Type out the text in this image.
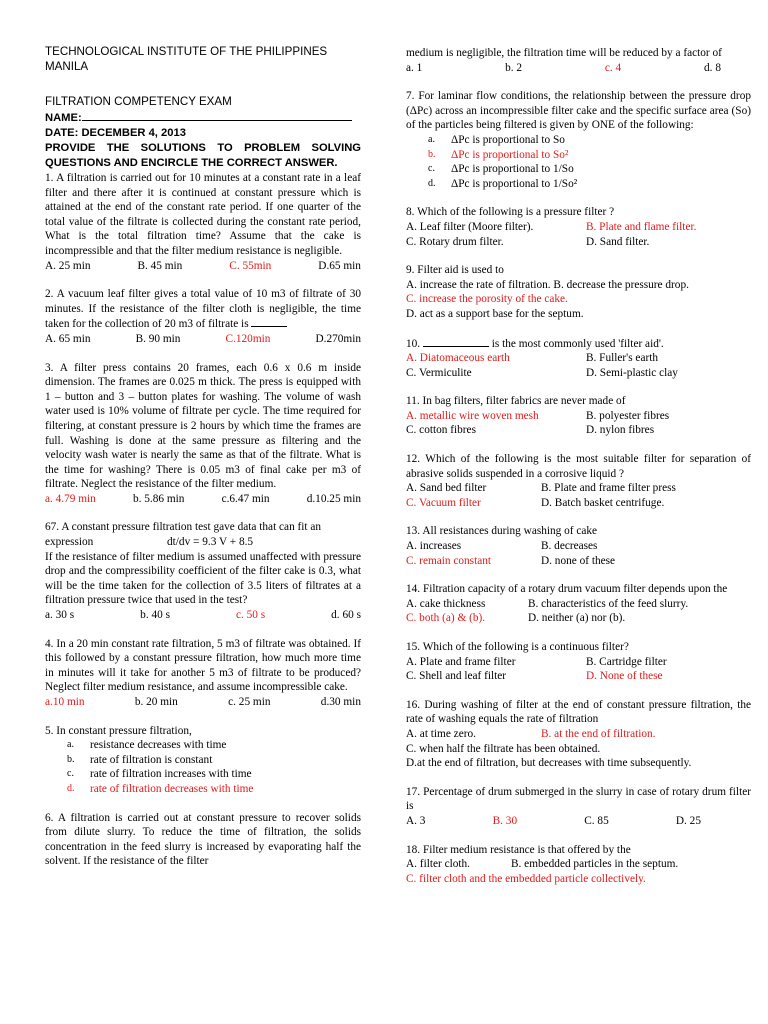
TECHNOLOGICAL INSTITUTE OF THE PHILIPPINES
MANILA
FILTRATION COMPETENCY EXAM
NAME:
DATE: DECEMBER 4, 2013
PROVIDE THE SOLUTIONS TO PROBLEM SOLVING QUESTIONS AND ENCIRCLE THE CORRECT ANSWER.

1. A filtration is carried out for 10 minutes at a constant rate in a leaf filter and there after it is continued at constant pressure which is attained at the end of the constant rate period. If one quarter of the total value of the filtrate is collected during the constant rate period, What is the total filtration time? Assume that the cake is incompressible and that the filter medium resistance is negligible.

A. 25 min	B. 45 min	C. 55min	D.65 min

2. A vacuum leaf filter gives a total value of 10 m3 of filtrate of 30 minutes. If the resistance of the filter cloth is negligible, the time taken for the collection of 20 m3 of filtrate is

A. 65 min	B. 90 min	C.120min	D.270min

3. A filter press contains 20 frames, each 0.6 x 0.6 m inside dimension. The frames are 0.025 m thick. The press is equipped with 1 – button and 3 – button plates for washing. The volume of wash water used is 10% volume of filtrate per cycle. The time required for filtering, at constant pressure is 2 hours by which time the frames are full. Washing is done at the same pressure as filtering and the velocity wash water is nearly the same as that of the filtrate. What is the time for washing? There is 0.05 m3 of final cake per m3 of filtrate. Neglect the resistance of the filter medium.

a. 4.79 min	b. 5.86 min	c.6.47 min	d.10.25 min

67. A constant pressure filtration test gave data that can fit an

expression	dt/dv = 9.3 V + 8.5

If the resistance of filter medium is assumed unaffected with pressure drop and the compressibility coefficient of the filter cake is 0.3, what will be the time taken for the collection of 3.5 liters of filtrates at a filtration pressure twice that used in the test?

a. 30 s	b. 40 s	c. 50 s	d. 60 s

4. In a 20 min constant rate filtration, 5 m3 of filtrate was obtained. If this followed by a constant pressure filtration, how much more time in minutes will it take for another 5 m3 of filtrate to be produced? Neglect filter medium resistance, and assume incompressible cake.

a.10 min	b. 20 min	c. 25 min	d.30 min

5. In constant pressure filtration,

a. resistance decreases with time
b. rate of filtration is constant
c. rate of filtration increases with time
d. rate of filtration decreases with time

6. A filtration is carried out at constant pressure to recover solids from dilute slurry. To reduce the time of filtration, the solids concentration in the feed slurry is increased by evaporating half the solvent. If the resistance of the filter

medium is negligible, the filtration time will be reduced by a factor of

a. 1	b. 2	c. 4	d. 8

7. For laminar flow conditions, the relationship between the pressure drop (ΔPc) across an incompressible filter cake and the specific surface area (So) of the particles being filtered is given by ONE of the following:

a. ΔPc is proportional to So
b. ΔPc is proportional to So²
c. ΔPc is proportional to 1/So
d. ΔPc is proportional to 1/So²

8. Which of the following is a pressure filter ?

A. Leaf filter (Moore filter).	B. Plate and flame filter.
C. Rotary drum filter.	D. Sand filter.

9. Filter aid is used to

A. increase the rate of filtration. B. decrease the pressure drop.
C. increase the porosity of the cake.
D. act as a support base for the septum.

10.	is the most commonly used 'filter aid'.

A. Diatomaceous earth	B. Fuller's earth
C. Vermiculite	D. Semi-plastic clay

11. In bag filters, filter fabrics are never made of

A. metallic wire woven mesh	B. polyester fibres
C. cotton fibres	D. nylon fibres

12. Which of the following is the most suitable filter for separation of abrasive solids suspended in a corrosive liquid ?

A. Sand bed filter	B. Plate and frame filter press
C. Vacuum filter	D. Batch basket centrifuge.

13. All resistances during washing of cake

A. increases	B. decreases
C. remain constant	D. none of these

14. Filtration capacity of a rotary drum vacuum filter depends upon the

A. cake thickness	B. characteristics of the feed slurry.
C. both (a) & (b).	D. neither (a) nor (b).

15. Which of the following is a continuous filter?

A. Plate and frame filter	B. Cartridge filter
C. Shell and leaf filter	D. None of these

16. During washing of filter at the end of constant pressure filtration, the rate of washing equals the rate of filtration

A. at time zero.	B. at the end of filtration.
C. when half the filtrate has been obtained.

D.at the end of filtration, but decreases with time subsequently.

17. Percentage of drum submerged in the slurry in case of rotary drum filter is

A. 3	B. 30	C. 85	D. 25

18. Filter medium resistance is that offered by the

A. filter cloth.	B. embedded particles in the septum.
C. filter cloth and the embedded particle collectively.
